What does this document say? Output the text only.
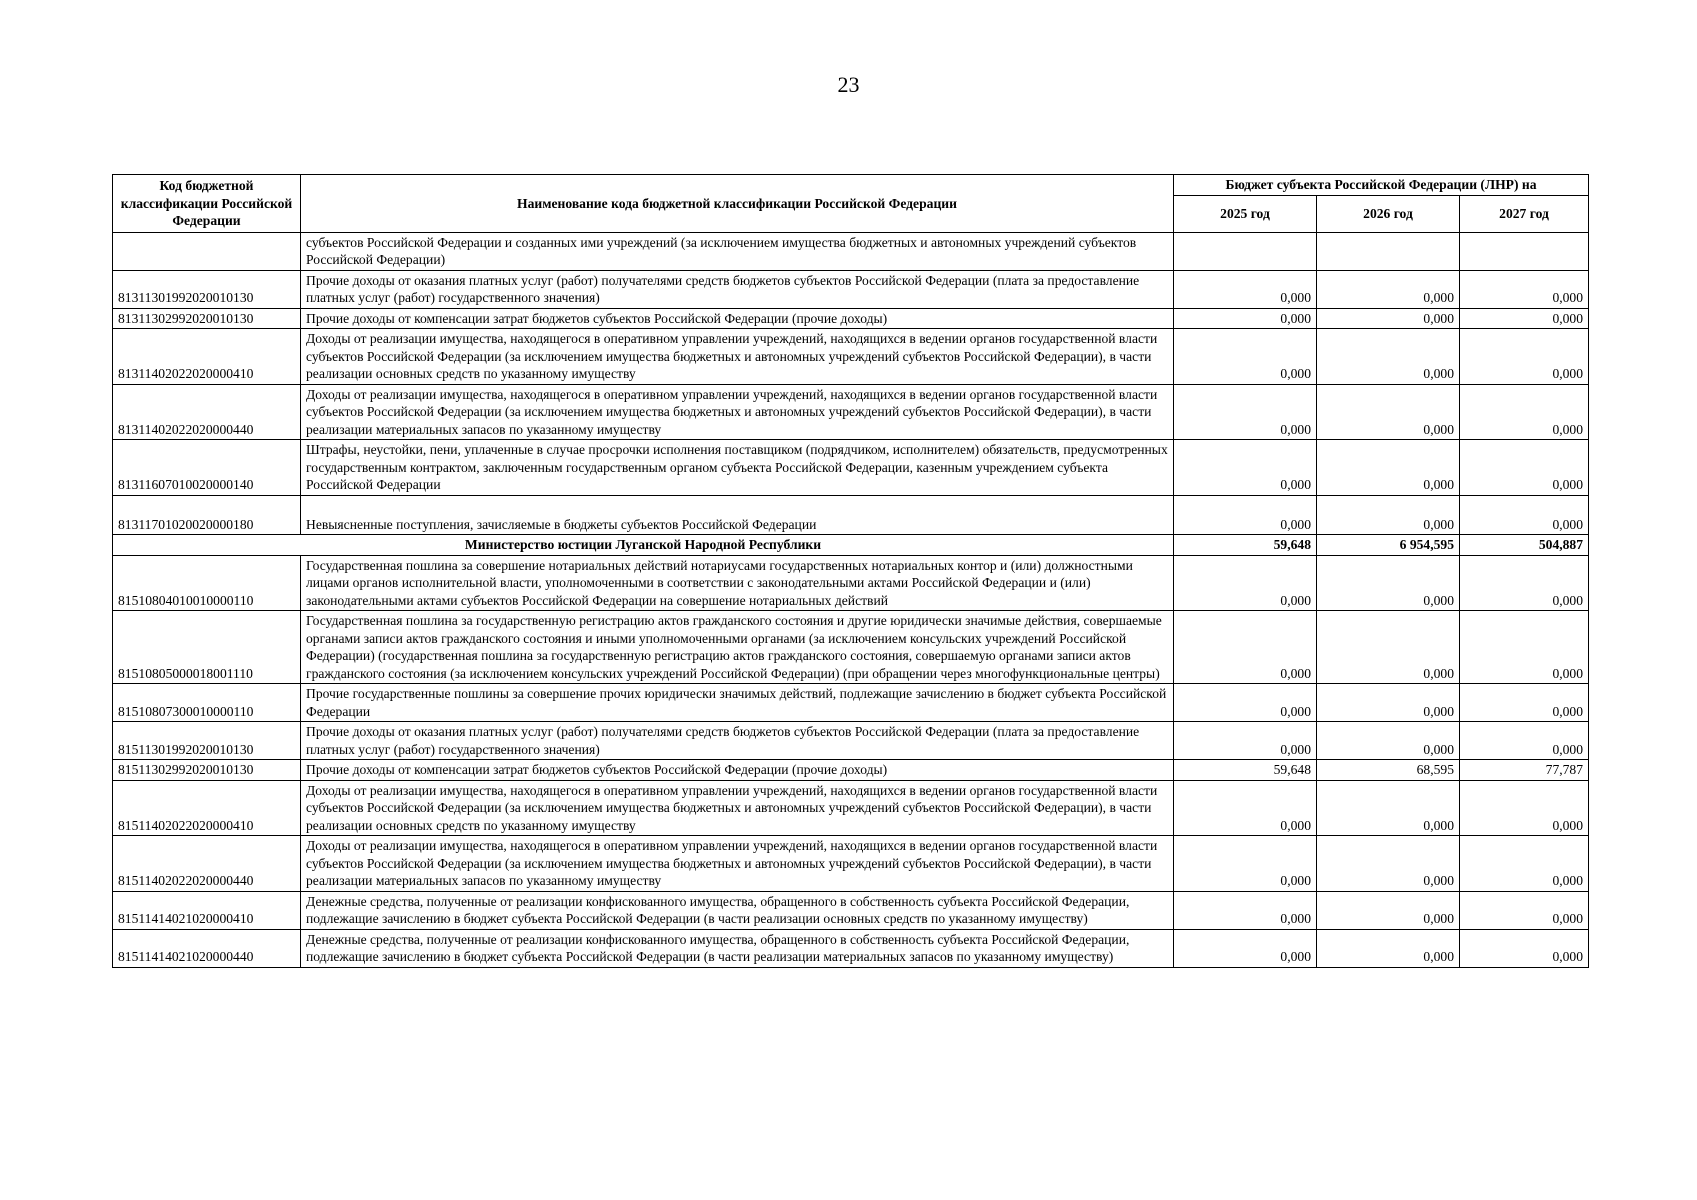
23
Код бюджетной классификации Российской Федерации	Наименование кода бюджетной классификации Российской Федерации	Бюджет субъекта Российской Федерации (ЛНР) на		
		2025 год	2026 год	2027 год
	субъектов Российской Федерации и созданных ими учреждений (за исключением имущества бюджетных и автономных учреждений субъектов Российской Федерации)			
81311301992020010130	Прочие доходы от оказания платных услуг (работ) получателями средств бюджетов субъектов Российской Федерации (плата за предоставление платных услуг (работ) государственного значения)	0,000	0,000	0,000
81311302992020010130	Прочие доходы от компенсации затрат бюджетов субъектов Российской Федерации (прочие доходы)	0,000	0,000	0,000
81311402022020000410	Доходы от реализации имущества, находящегося в оперативном управлении учреждений, находящихся в ведении органов государственной власти субъектов Российской Федерации (за исключением имущества бюджетных и автономных учреждений субъектов Российской Федерации), в части реализации основных средств по указанному имуществу	0,000	0,000	0,000
81311402022020000440	Доходы от реализации имущества, находящегося в оперативном управлении учреждений, находящихся в ведении органов государственной власти субъектов Российской Федерации (за исключением имущества бюджетных и автономных учреждений субъектов Российской Федерации), в части реализации материальных запасов по указанному имуществу	0,000	0,000	0,000
81311607010020000140	Штрафы, неустойки, пени, уплаченные в случае просрочки исполнения поставщиком (подрядчиком, исполнителем) обязательств, предусмотренных государственным контрактом, заключенным государственным органом субъекта Российской Федерации, казенным учреждением субъекта Российской Федерации	0,000	0,000	0,000
81311701020020000180	Невыясненные поступления, зачисляемые в бюджеты субъектов Российской Федерации	0,000	0,000	0,000
Министерство юстиции Луганской Народной Республики		59,648	6 954,595	504,887
81510804010010000110	Государственная пошлина за совершение нотариальных действий нотариусами государственных нотариальных контор и (или) должностными лицами органов исполнительной власти, уполномоченными в соответствии с законодательными актами Российской Федерации и (или) законодательными актами субъектов Российской Федерации на совершение нотариальных действий	0,000	0,000	0,000
81510805000018001110	Государственная пошлина за государственную регистрацию актов гражданского состояния и другие юридически значимые действия, совершаемые органами записи актов гражданского состояния и иными уполномоченными органами (за исключением консульских учреждений Российской Федерации) (государственная пошлина за государственную регистрацию актов гражданского состояния, совершаемую органами записи актов гражданского состояния (за исключением консульских учреждений Российской Федерации) (при обращении через многофункциональные центры)	0,000	0,000	0,000
81510807300010000110	Прочие государственные пошлины за совершение прочих юридически значимых действий, подлежащие зачислению в бюджет субъекта Российской Федерации	0,000	0,000	0,000
81511301992020010130	Прочие доходы от оказания платных услуг (работ) получателями средств бюджетов субъектов Российской Федерации (плата за предоставление платных услуг (работ) государственного значения)	0,000	0,000	0,000
81511302992020010130	Прочие доходы от компенсации затрат бюджетов субъектов Российской Федерации (прочие доходы)	59,648	68,595	77,787
81511402022020000410	Доходы от реализации имущества, находящегося в оперативном управлении учреждений, находящихся в ведении органов государственной власти субъектов Российской Федерации (за исключением имущества бюджетных и автономных учреждений субъектов Российской Федерации), в части реализации основных средств по указанному имуществу	0,000	0,000	0,000
81511402022020000440	Доходы от реализации имущества, находящегося в оперативном управлении учреждений, находящихся в ведении органов государственной власти субъектов Российской Федерации (за исключением имущества бюджетных и автономных учреждений субъектов Российской Федерации), в части реализации материальных запасов по указанному имуществу	0,000	0,000	0,000
81511414021020000410	Денежные средства, полученные от реализации конфискованного имущества, обращенного в собственность субъекта Российской Федерации, подлежащие зачислению в бюджет субъекта Российской Федерации (в части реализации основных средств по указанному имуществу)	0,000	0,000	0,000
81511414021020000440	Денежные средства, полученные от реализации конфискованного имущества, обращенного в собственность субъекта Российской Федерации, подлежащие зачислению в бюджет субъекта Российской Федерации (в части реализации материальных запасов по указанному имуществу)	0,000	0,000	0,000
